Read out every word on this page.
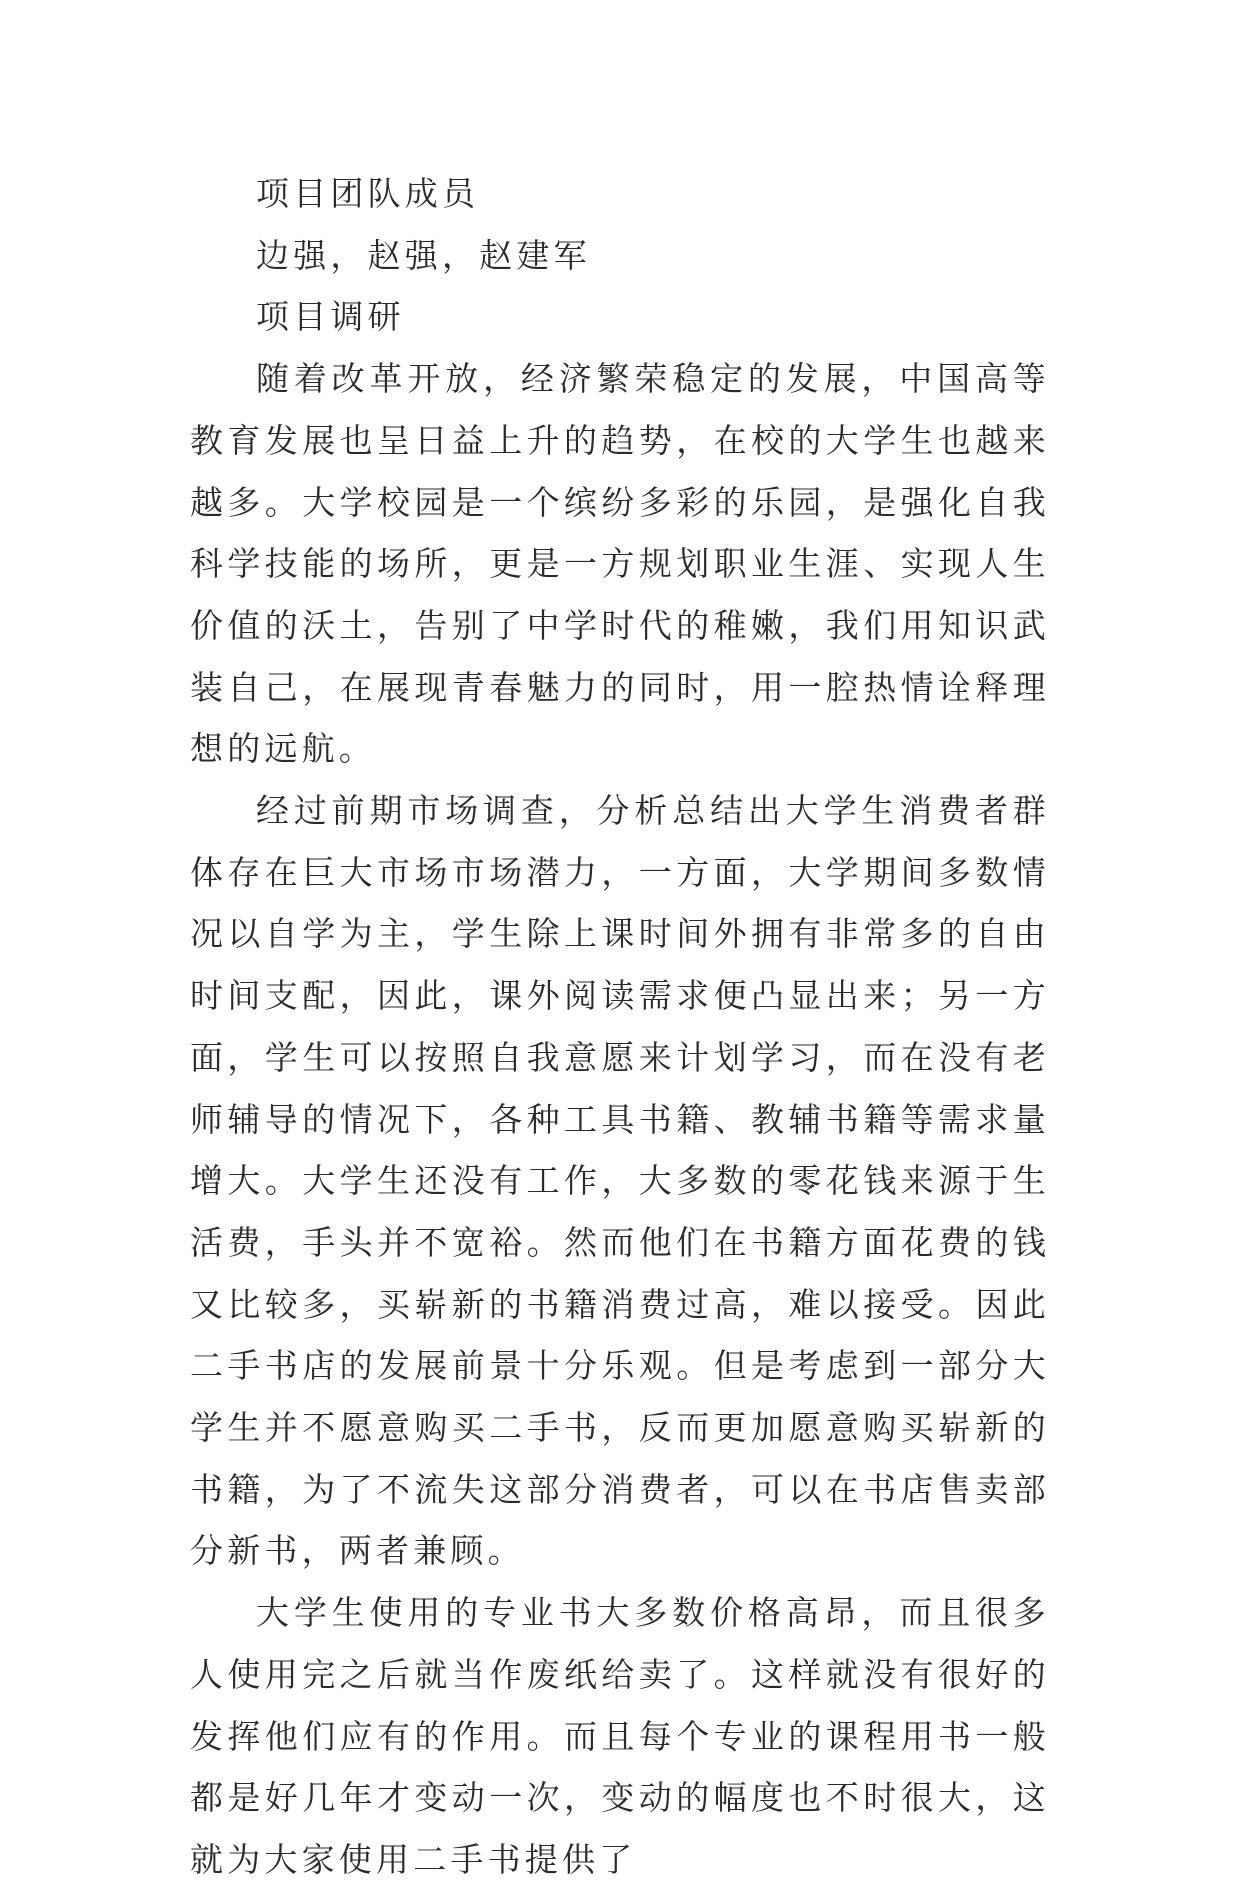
项目团队成员

边强，赵强，赵建军

项目调研

随着改革开放，经济繁荣稳定的发展，中国高等教育发展也呈日益上升的趋势，在校的大学生也越来越多。大学校园是一个缤纷多彩的乐园，是强化自我科学技能的场所，更是一方规划职业生涯、实现人生价值的沃土，告别了中学时代的稚嫩，我们用知识武装自己，在展现青春魅力的同时，用一腔热情诠释理想的远航。

经过前期市场调查，分析总结出大学生消费者群体存在巨大市场市场潜力，一方面，大学期间多数情况以自学为主，学生除上课时间外拥有非常多的自由时间支配，因此，课外阅读需求便凸显出来；另一方面，学生可以按照自我意愿来计划学习，而在没有老师辅导的情况下，各种工具书籍、教辅书籍等需求量增大。大学生还没有工作，大多数的零花钱来源于生活费，手头并不宽裕。然而他们在书籍方面花费的钱又比较多，买崭新的书籍消费过高，难以接受。因此二手书店的发展前景十分乐观。但是考虑到一部分大学生并不愿意购买二手书，反而更加愿意购买崭新的书籍，为了不流失这部分消费者，可以在书店售卖部分新书，两者兼顾。

大学生使用的专业书大多数价格高昂，而且很多人使用完之后就当作废纸给卖了。这样就没有很好的发挥他们应有的作用。而且每个专业的课程用书一般都是好几年才变动一次，变动的幅度也不时很大，这就为大家使用二手书提供了
